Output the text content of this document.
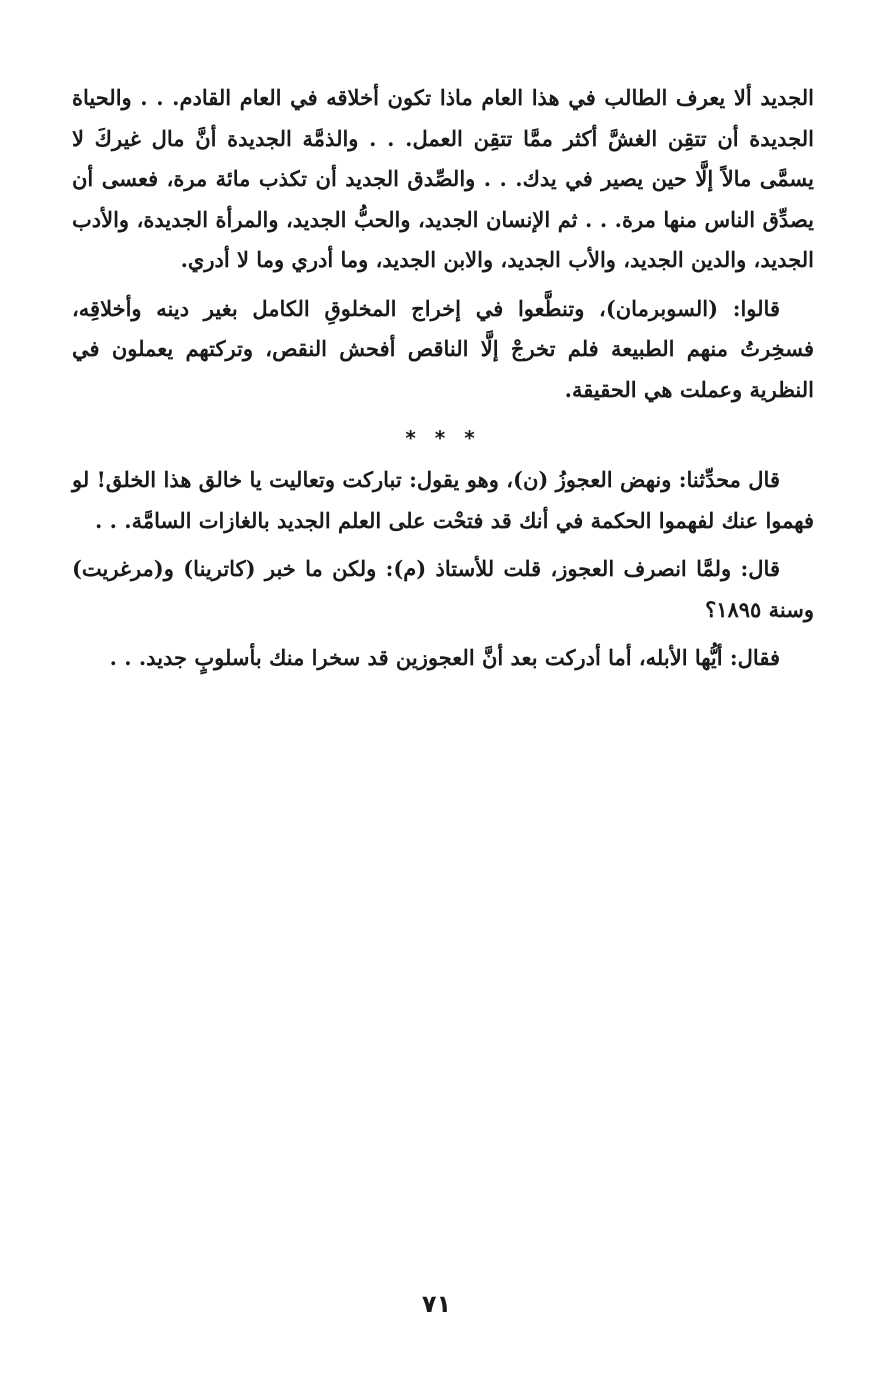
الجديد ألا يعرف الطالب في هذا العام ماذا تكون أخلاقه في العام القادم. . . والحياة الجديدة أن تتقِن الغشَّ أكثر ممَّا تتقِن العمل. . . والذمَّة الجديدة أنَّ مال غيركَ لا يسمَّى مالاً إلَّا حين يصير في يدك. . . والصِّدق الجديد أن تكذب مائة مرة، فعسى أن يصدِّق الناس منها مرة. . . ثم الإنسان الجديد، والحبُّ الجديد، والمرأة الجديدة، والأدب الجديد، والدين الجديد، والأب الجديد، والابن الجديد، وما أدري وما لا أدري.

قالوا: (السوبرمان)، وتنطَّعوا في إخراج المخلوقِ الكامل بغير دينه وأخلاقِه، فسخِرتُ منهم الطبيعة فلم تخرجْ إلَّا الناقص أفحش النقص، وتركتهم يعملون في النظرية وعملت هي الحقيقة.

* * *

قال محدِّثنا: ونهض العجوزُ (ن)، وهو يقول: تباركت وتعاليت يا خالق هذا الخلق! لو فهموا عنك لفهموا الحكمة في أنك قد فتحْت على العلم الجديد بالغازات السامَّة. . .

قال: ولمَّا انصرف العجوز، قلت للأستاذ (م): ولكن ما خبر (كاترينا) و(مرغريت) وسنة ١٨٩٥؟

فقال: أيُّها الأبله، أما أدركت بعد أنَّ العجوزين قد سخرا منك بأسلوبٍ جديد. . .

٧١
